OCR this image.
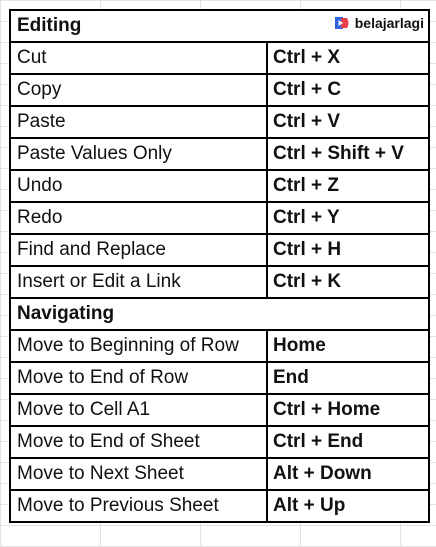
Editing belajarlagi	

Cut	Ctrl + X
Copy	Ctrl + C
Paste	Ctrl + V
Paste Values Only	Ctrl + Shift + V
Undo	Ctrl + Z
Redo	Ctrl + Y
Find and Replace	Ctrl + H
Insert or Edit a Link	Ctrl + K
Navigating	
Move to Beginning of Row	Home
Move to End of Row	End
Move to Cell A1	Ctrl + Home
Move to End of Sheet	Ctrl + End
Move to Next Sheet	Alt + Down
Move to Previous Sheet	Alt + Up
